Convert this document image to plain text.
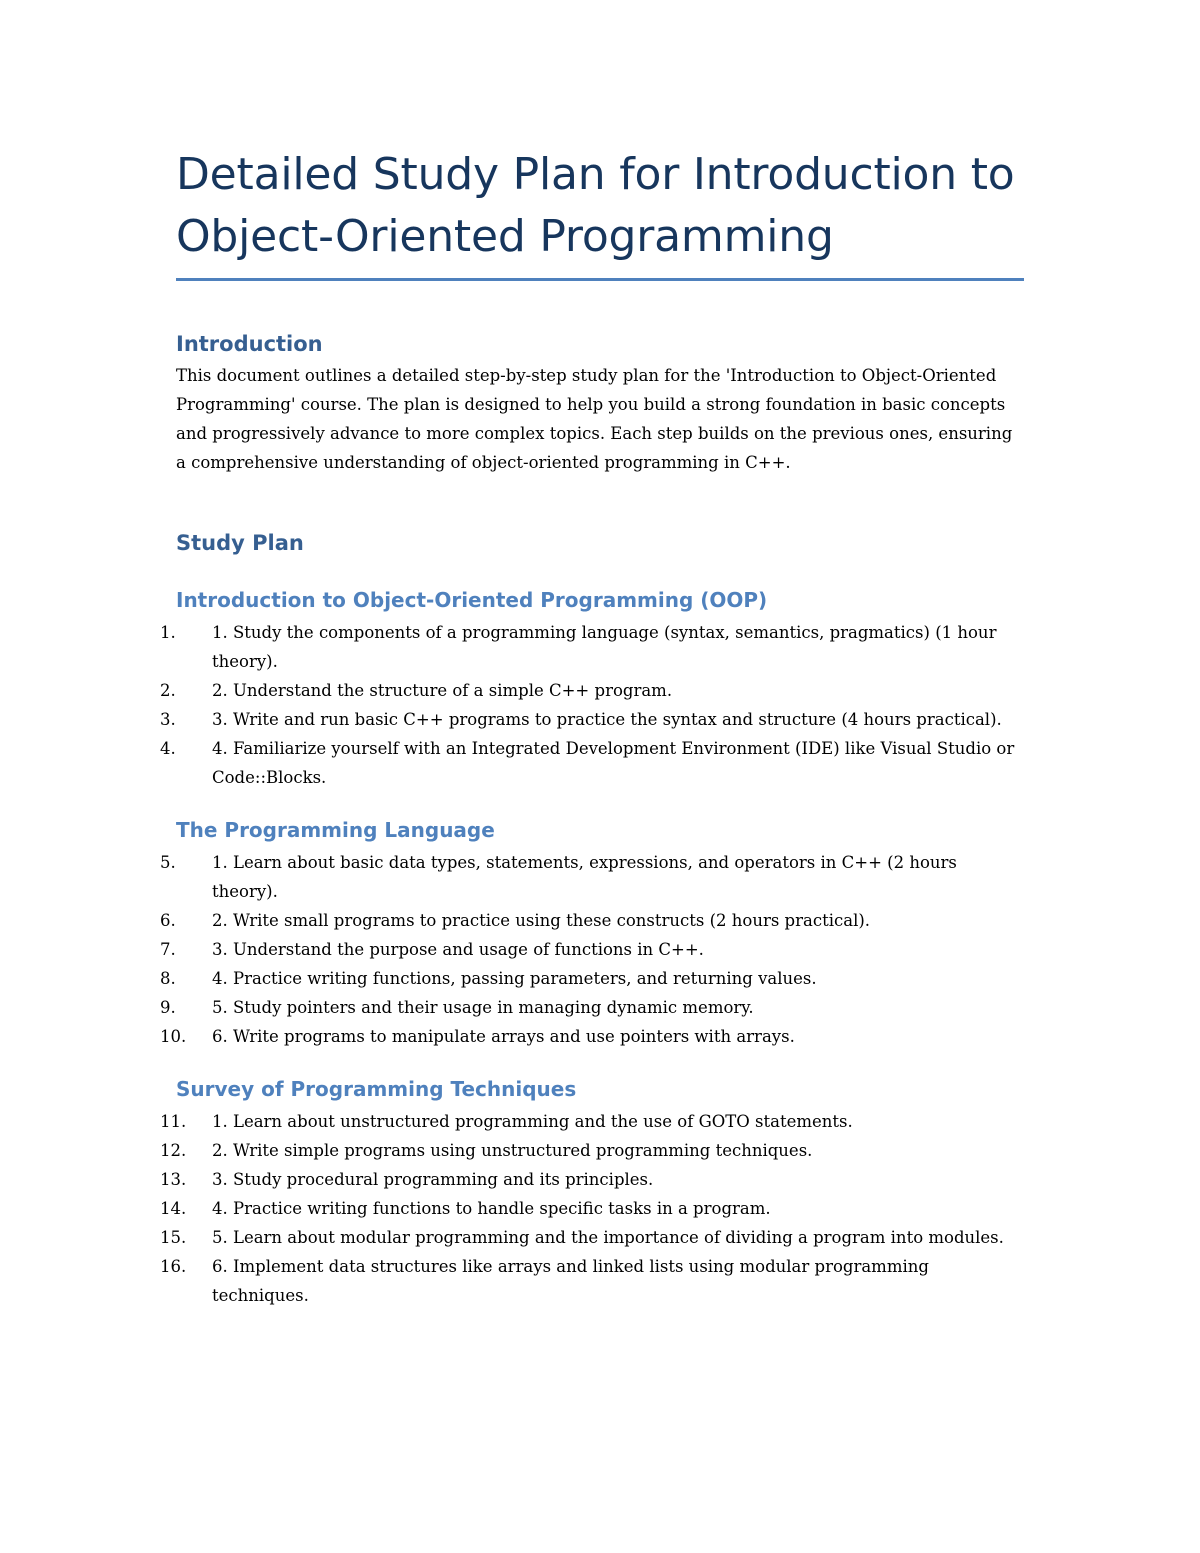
Detailed Study Plan for Introduction to Object-Oriented Programming
Introduction

This document outlines a detailed step-by-step study plan for the 'Introduction to Object-Oriented Programming' course. The plan is designed to help you build a strong foundation in basic concepts and progressively advance to more complex topics. Each step builds on the previous ones, ensuring a comprehensive understanding of object-oriented programming in C++.

Study Plan
Introduction to Object-Oriented Programming (OOP)
1.	1. Study the components of a programming language (syntax, semantics, pragmatics) (1 hour theory).
2.	2. Understand the structure of a simple C++ program.
3.	3. Write and run basic C++ programs to practice the syntax and structure (4 hours practical).
4.	4. Familiarize yourself with an Integrated Development Environment (IDE) like Visual Studio or Code::Blocks.
The Programming Language
5.	1. Learn about basic data types, statements, expressions, and operators in C++ (2 hours theory).
6.	2. Write small programs to practice using these constructs (2 hours practical).
7.	3. Understand the purpose and usage of functions in C++.
8.	4. Practice writing functions, passing parameters, and returning values.
9.	5. Study pointers and their usage in managing dynamic memory.
10.	6. Write programs to manipulate arrays and use pointers with arrays.
Survey of Programming Techniques
11.	1. Learn about unstructured programming and the use of GOTO statements.
12.	2. Write simple programs using unstructured programming techniques.
13.	3. Study procedural programming and its principles.
14.	4. Practice writing functions to handle specific tasks in a program.
15.	5. Learn about modular programming and the importance of dividing a program into modules.
16.	6. Implement data structures like arrays and linked lists using modular programming techniques.
